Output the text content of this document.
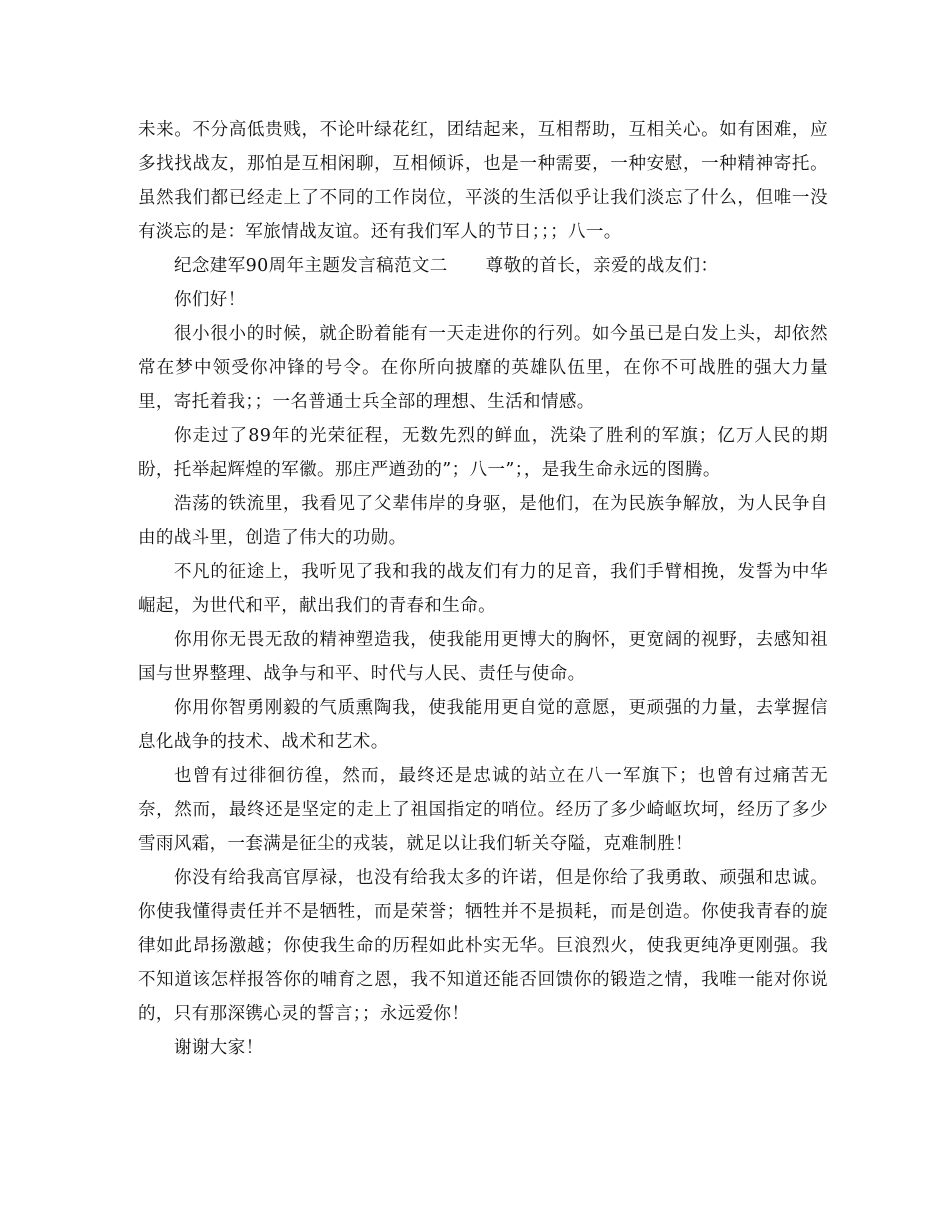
未来。不分高低贵贱，不论叶绿花红，团结起来，互相帮助，互相关心。如有困难，应多找找战友，那怕是互相闲聊，互相倾诉，也是一种需要，一种安慰，一种精神寄托。虽然我们都已经走上了不同的工作岗位，平淡的生活似乎让我们淡忘了什么，但唯一没有淡忘的是：军旅情战友谊。还有我们军人的节日；；；八一。

纪念建军90周年主题发言稿范文二 尊敬的首长，亲爱的战友们：

你们好！

很小很小的时候，就企盼着能有一天走进你的行列。如今虽已是白发上头，却依然常在梦中领受你冲锋的号令。在你所向披靡的英雄队伍里，在你不可战胜的强大力量里，寄托着我；；一名普通士兵全部的理想、生活和情感。

你走过了89年的光荣征程，无数先烈的鲜血，洗染了胜利的军旗；亿万人民的期盼，托举起辉煌的军徽。那庄严遒劲的”；八一”；，是我生命永远的图腾。

浩荡的铁流里，我看见了父辈伟岸的身驱，是他们，在为民族争解放，为人民争自由的战斗里，创造了伟大的功勋。

不凡的征途上，我听见了我和我的战友们有力的足音，我们手臂相挽，发誓为中华崛起，为世代和平，献出我们的青春和生命。

你用你无畏无敌的精神塑造我，使我能用更博大的胸怀，更宽阔的视野，去感知祖国与世界整理、战争与和平、时代与人民、责任与使命。

你用你智勇刚毅的气质熏陶我，使我能用更自觉的意愿，更顽强的力量，去掌握信息化战争的技术、战术和艺术。

也曾有过徘徊彷徨，然而，最终还是忠诚的站立在八一军旗下；也曾有过痛苦无奈，然而，最终还是坚定的走上了祖国指定的哨位。经历了多少崎岖坎坷，经历了多少雪雨风霜，一套满是征尘的戎装，就足以让我们斩关夺隘，克难制胜！

你没有给我高官厚禄，也没有给我太多的许诺，但是你给了我勇敢、顽强和忠诚。你使我懂得责任并不是牺牲，而是荣誉；牺牲并不是损耗，而是创造。你使我青春的旋律如此昂扬激越；你使我生命的历程如此朴实无华。巨浪烈火，使我更纯净更刚强。我不知道该怎样报答你的哺育之恩，我不知道还能否回馈你的锻造之情，我唯一能对你说的，只有那深镌心灵的誓言；；永远爱你！

谢谢大家！
